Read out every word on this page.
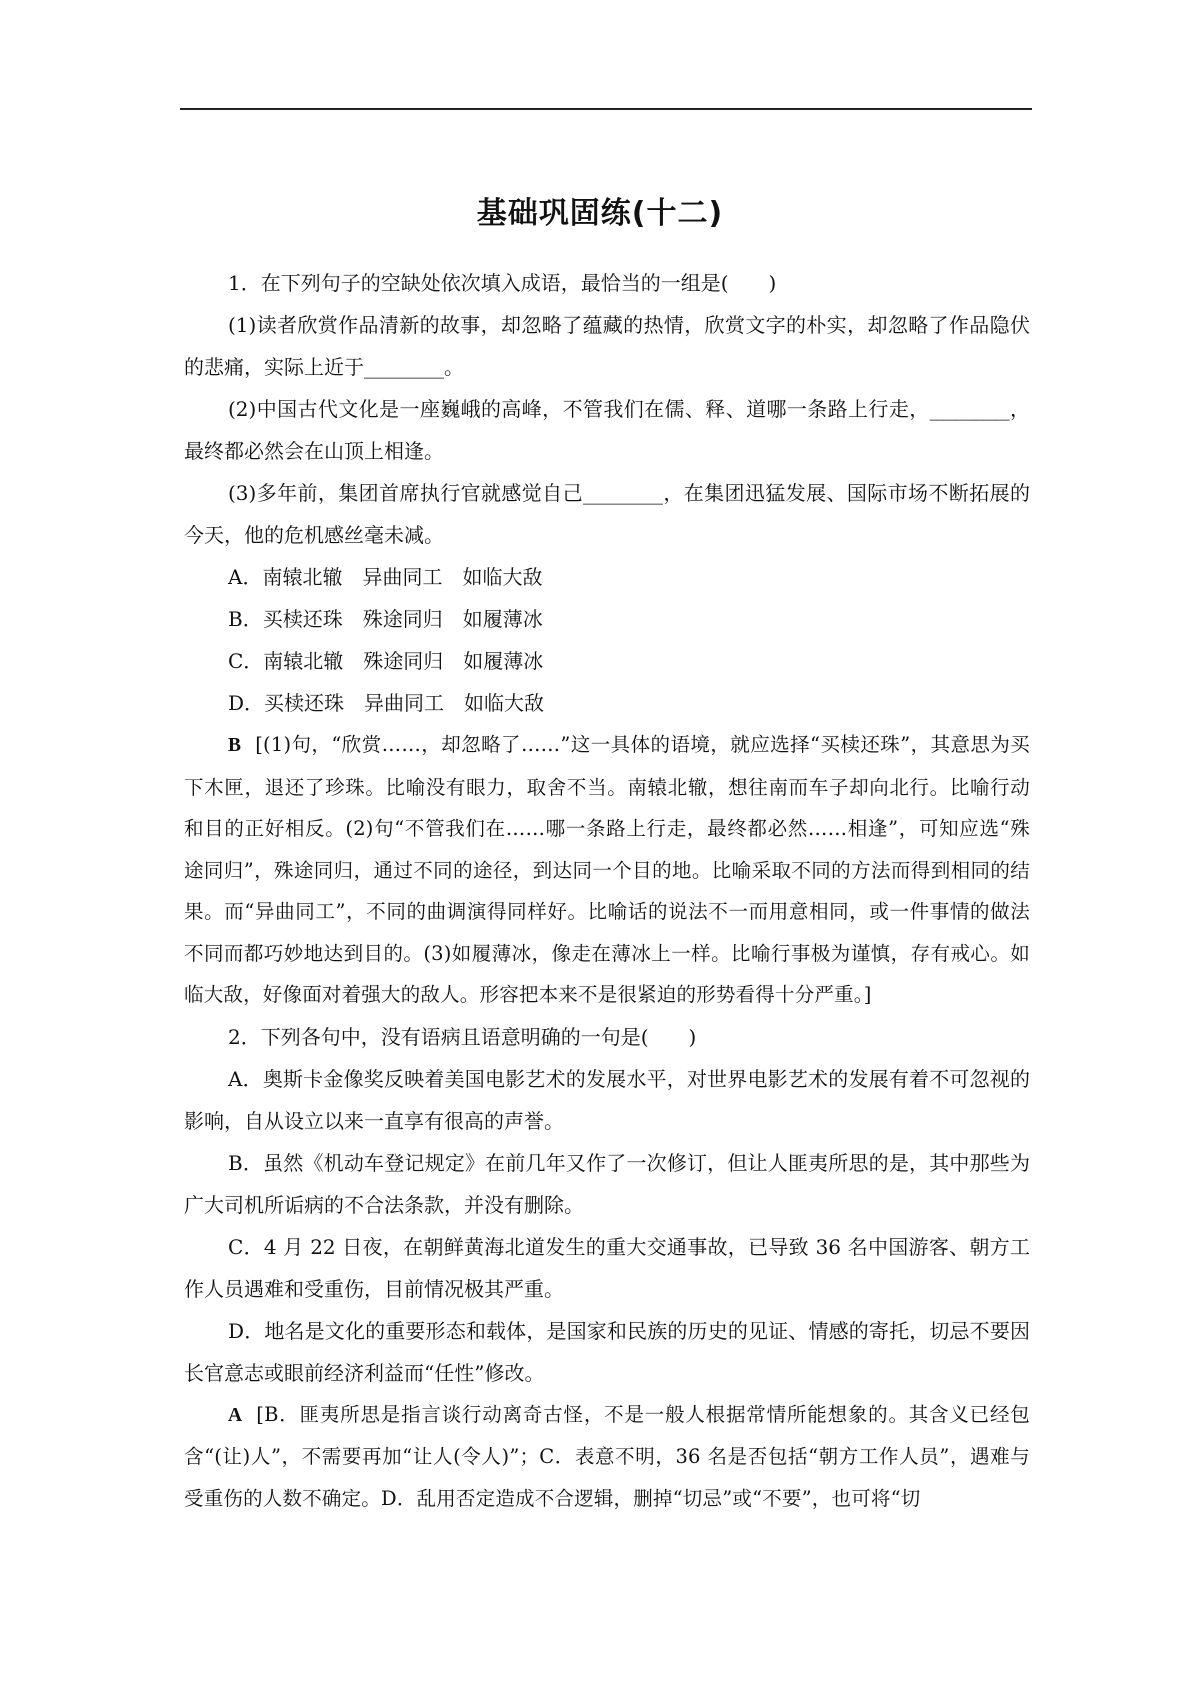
基础巩固练(十二)

1．在下列句子的空缺处依次填入成语，最恰当的一组是(　　)

(1)读者欣赏作品清新的故事，却忽略了蕴藏的热情，欣赏文字的朴实，却忽略了作品隐伏的悲痛，实际上近于________。

(2)中国古代文化是一座巍峨的高峰，不管我们在儒、释、道哪一条路上行走，________，最终都必然会在山顶上相逢。

(3)多年前，集团首席执行官就感觉自己________，在集团迅猛发展、国际市场不断拓展的今天，他的危机感丝毫未减。

A．南辕北辙　异曲同工　如临大敌

B．买椟还珠　殊途同归　如履薄冰

C．南辕北辙　殊途同归　如履薄冰

D．买椟还珠　异曲同工　如临大敌

B [(1)句，“欣赏……，却忽略了……”这一具体的语境，就应选择“买椟还珠”，其意思为买下木匣，退还了珍珠。比喻没有眼力，取舍不当。南辕北辙，想往南而车子却向北行。比喻行动和目的正好相反。(2)句“不管我们在……哪一条路上行走，最终都必然……相逢”，可知应选“殊途同归”，殊途同归，通过不同的途径，到达同一个目的地。比喻采取不同的方法而得到相同的结果。而“异曲同工”，不同的曲调演得同样好。比喻话的说法不一而用意相同，或一件事情的做法不同而都巧妙地达到目的。(3)如履薄冰，像走在薄冰上一样。比喻行事极为谨慎，存有戒心。如临大敌，好像面对着强大的敌人。形容把本来不是很紧迫的形势看得十分严重。]

2．下列各句中，没有语病且语意明确的一句是(　　)

A．奥斯卡金像奖反映着美国电影艺术的发展水平，对世界电影艺术的发展有着不可忽视的影响，自从设立以来一直享有很高的声誉。

B．虽然《机动车登记规定》在前几年又作了一次修订，但让人匪夷所思的是，其中那些为广大司机所诟病的不合法条款，并没有删除。

C．4 月 22 日夜，在朝鲜黄海北道发生的重大交通事故，已导致 36 名中国游客、朝方工作人员遇难和受重伤，目前情况极其严重。

D．地名是文化的重要形态和载体，是国家和民族的历史的见证、情感的寄托，切忌不要因长官意志或眼前经济利益而“任性”修改。

A [B．匪夷所思是指言谈行动离奇古怪，不是一般人根据常情所能想象的。其含义已经包含“(让)人”，不需要再加“让人(令人)”；C．表意不明，36 名是否包括“朝方工作人员”，遇难与受重伤的人数不确定。D．乱用否定造成不合逻辑，删掉“切忌”或“不要”，也可将“切
